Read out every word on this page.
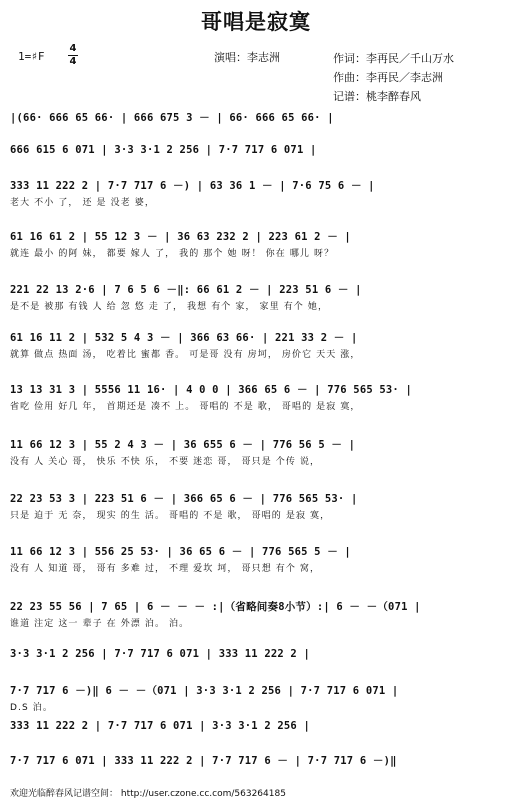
哥唱是寂寞
1=♯F
4
4	演唱：李志洲	作词：李再民／千山万水
作曲：李再民／李志洲
记谱：桃李醉春风
|(66· 666 65 66· | 666 675 3 － | 66· 666 65 66· |
666 615 6 071 | 3·3 3·1 2 256 | 7·7 717 6 071 |
333 11 222 2 | 7·7 717 6 －) | 63 36 1 － | 7·6 75 6 － |
老大 不小 了， 还 是 没老 婆，
61 16 61 2 | 55 12 3 － | 36 63 232 2 | 223 61 2 － |
就连 最小 的阿 妹， 都要 嫁人 了， 我的 那个 她 呀！ 你在 哪儿 呀？
221 22 13 2·6 | 7 6 5 6 －‖: 66 61 2 － | 223 51 6 － |
是不是 被那 有钱 人 给 忽 悠 走 了， 我想 有个 家， 家里 有个 她，
61 16 11 2 | 532 5 4 3 － | 366 63 66· | 221 33 2 － |
就算 做点 热面 汤， 吃着比 蜜都 香。 可是哥 没有 房坷， 房价它 天天 涨，
13 13 31 3 | 5556 11 16· | 4 0 0 | 366 65 6 － | 776 565 53· |
省吃 俭用 好几 年， 首期还是 凑不 上。 哥唱的 不是 歌， 哥唱的 是寂 寞，
11 66 12 3 | 55 2 4 3 － | 36 655 6 － | 776 56 5 － |
没有 人 关心 哥， 快乐 不快 乐， 不要 迷恋 哥， 哥只是 个传 说，
22 23 53 3 | 223 51 6 － | 366 65 6 － | 776 565 53· |
只是 迫于 无 奈， 现实 的生 活。 哥唱的 不是 歌， 哥唱的 是寂 寞，
11 66 12 3 | 556 25 53· | 36 65 6 － | 776 565 5 － |
没有 人 知道 哥， 哥有 多难 过， 不理 爱坎 坷， 哥只想 有个 窝，
22 23 55 56 | 7 65 | 6 － － － :|（省略间奏8小节）:| 6 － －（071 |
谁道 注定 这一 辈子 在 外漂 泊。 泊。
3·3 3·1 2 256 | 7·7 717 6 071 | 333 11 222 2 |
7·7 717 6 －)‖ 6 － －（071 | 3·3 3·1 2 256 | 7·7 717 6 071 |
D.S 泊。
333 11 222 2 | 7·7 717 6 071 | 3·3 3·1 2 256 |
7·7 717 6 071 | 333 11 222 2 | 7·7 717 6 － | 7·7 717 6 －)‖
欢迎光临醉春风记谱空间： http://user.czone.cc.com/563264185
